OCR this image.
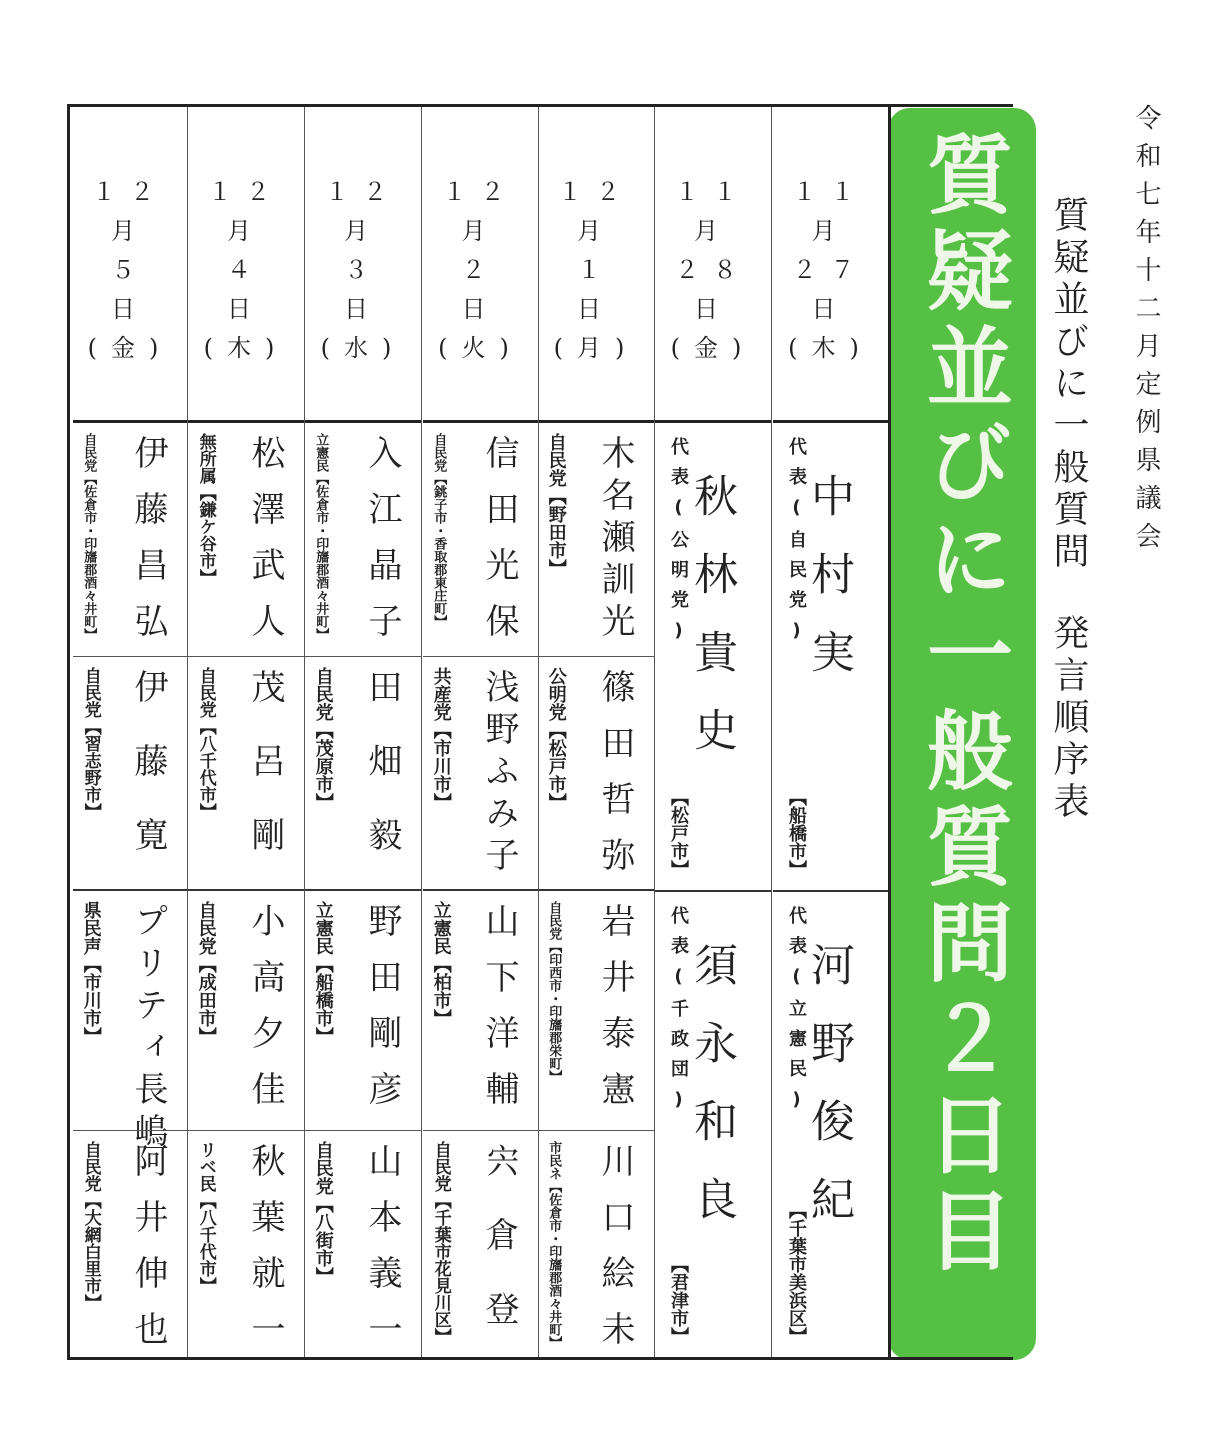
令和七年十二月定例県議会
質疑並びに一般質問発言順序表
質疑並びに一般質問２日目
１１
月
２７
日
(木)
中村実
代表(自民党)
【船橋市】
河野俊紀
代表(立憲民)
【千葉市美浜区】
１１
月
２８
日
(金)
秋林貴史
代表(公明党)
【松戸市】
須永和良
代表(千政団)
【君津市】
１２
月
１
日
(月)
木名瀬訓光
自民党【野田市】
篠田哲弥
公明党【松戸市】
岩井泰憲
自民党【印西市・印旛郡栄町】
川口絵未
市民ネ【佐倉市・印旛郡酒々井町】
１２
月
２
日
(火)
信田光保
自民党【銚子市・香取郡東庄町】
浅野ふみ子
共産党【市川市】
山下洋輔
立憲民【柏市】
宍倉登
自民党【千葉市花見川区】
１２
月
３
日
(水)
入江晶子
立憲民【佐倉市・印旛郡酒々井町】
田畑毅
自民党【茂原市】
野田剛彦
立憲民【船橋市】
山本義一
自民党【八街市】
１２
月
４
日
(木)
松澤武人
無所属【鎌ケ谷市】
茂呂剛
自民党【八千代市】
小高夕佳
自民党【成田市】
秋葉就一
リベ民【八千代市】
１２
月
５
日
(金)
伊藤昌弘
自民党【佐倉市・印旛郡酒々井町】
伊藤寛
自民党【習志野市】
プリティ長嶋
県民声【市川市】
阿井伸也
自民党【大網白里市】
